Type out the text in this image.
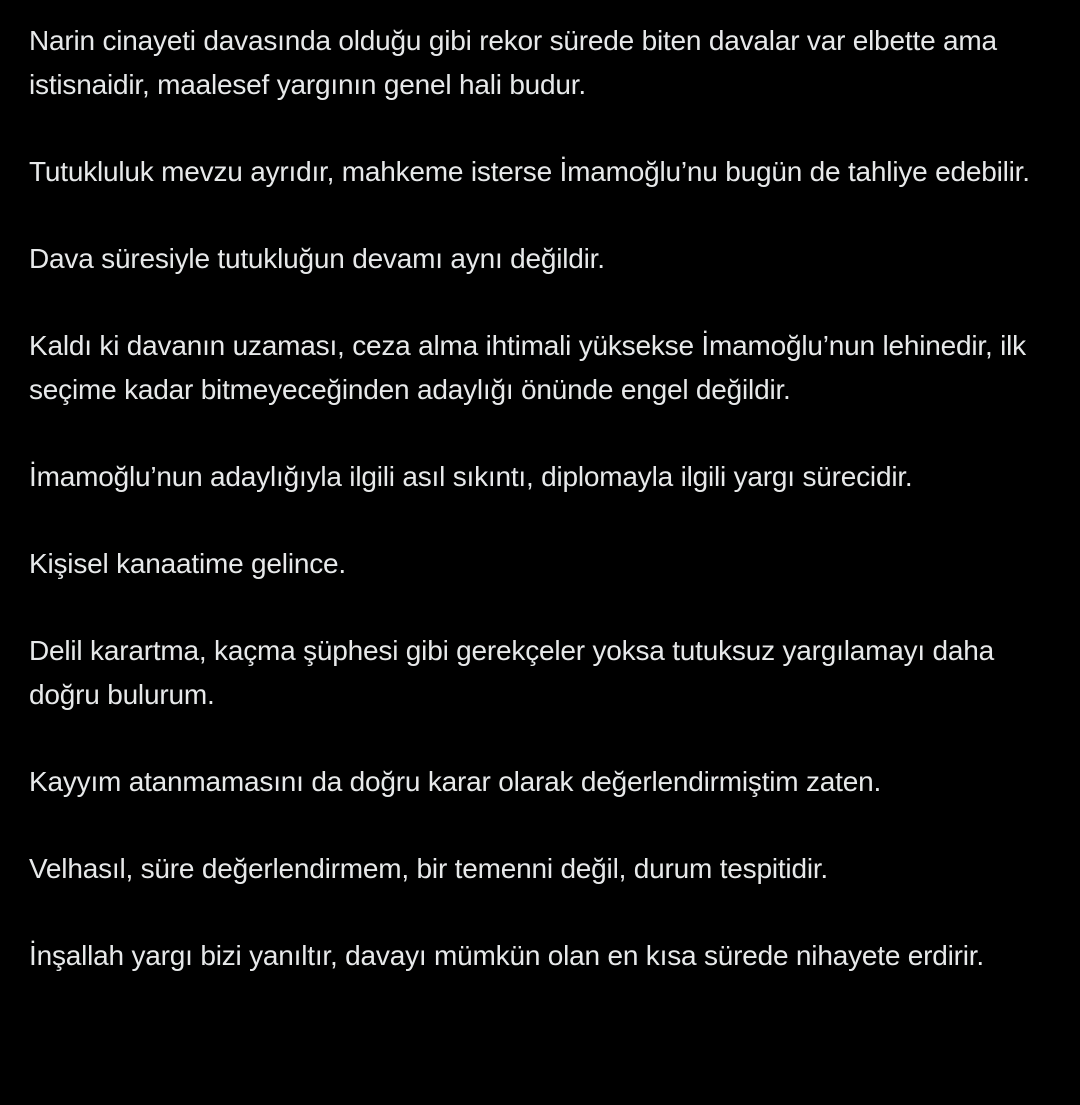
Narin cinayeti davasında olduğu gibi rekor sürede biten davalar var elbette ama istisnaidir, maalesef yargının genel hali budur.

Tutukluluk mevzu ayrıdır, mahkeme isterse İmamoğlu’nu bugün de tahliye edebilir.

Dava süresiyle tutukluğun devamı aynı değildir.

Kaldı ki davanın uzaması, ceza alma ihtimali yüksekse İmamoğlu’nun lehinedir, ilk seçime kadar bitmeyeceğinden adaylığı önünde engel değildir.

İmamoğlu’nun adaylığıyla ilgili asıl sıkıntı, diplomayla ilgili yargı sürecidir.

Kişisel kanaatime gelince.

Delil karartma, kaçma şüphesi gibi gerekçeler yoksa tutuksuz yargılamayı daha doğru bulurum.

Kayyım atanmamasını da doğru karar olarak değerlendirmiştim zaten.

Velhasıl, süre değerlendirmem, bir temenni değil, durum tespitidir.

İnşallah yargı bizi yanıltır, davayı mümkün olan en kısa sürede nihayete erdirir.
